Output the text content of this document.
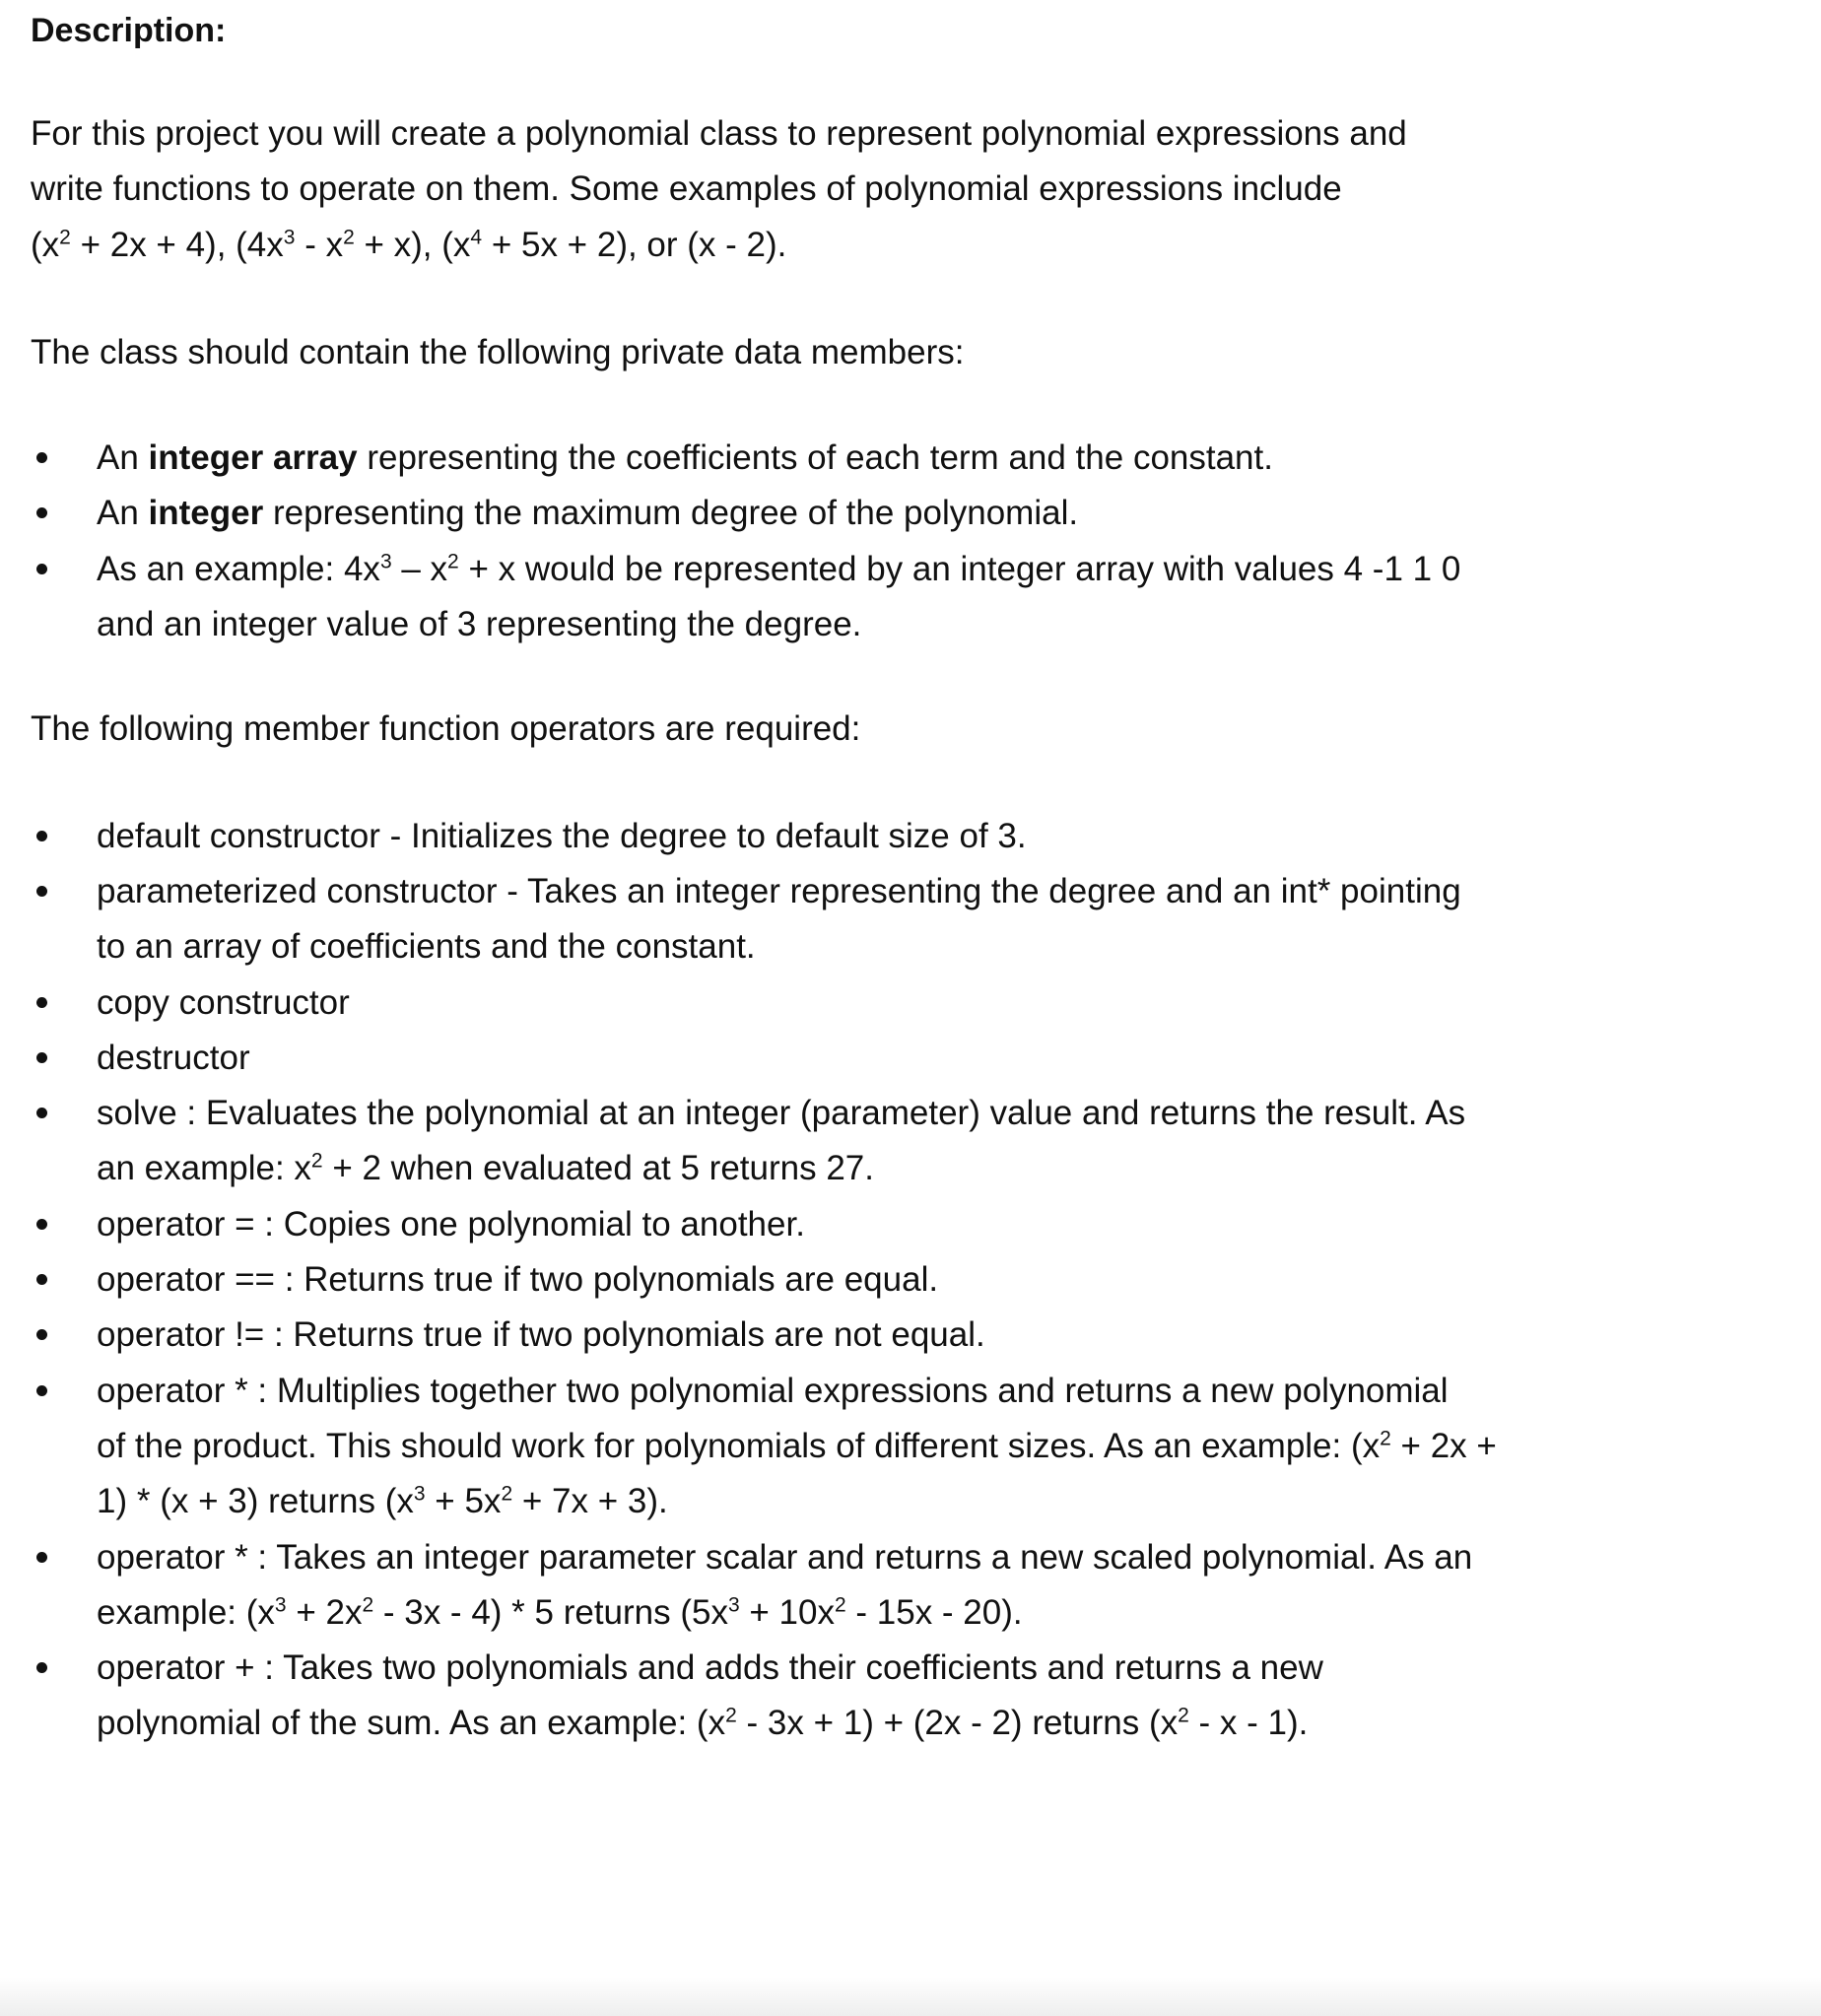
Description:
For this project you will create a polynomial class to represent polynomial expressions and
write functions to operate on them. Some examples of polynomial expressions include
$(x^2 + 2x + 4)$, $(4x^3 - x^2 + x)$, $(x^4 + 5x + 2)$, or (x - 2).
The class should contain the following private data members:
An integer array representing the coefficients of each term and the constant.
An integer representing the maximum degree of the polynomial.
As an example: $4x^3 - x^2 + x$ would be represented by an integer array with values 4 -1 1 0
and an integer value of 3 representing the degree.
The following member function operators are required:
default constructor - Initializes the degree to default size of 3.
parameterized constructor - Takes an integer representing the degree and an int* pointing
to an array of coefficients and the constant.
copy constructor
destructor
solve : Evaluates the polynomial at an integer (parameter) value and returns the result. As
an example: $x^2 + 2$ when evaluated at 5 returns 27.
operator = : Copies one polynomial to another.
operator == : Returns true if two polynomials are equal.
operator != : Returns true if two polynomials are not equal.
operator * : Multiplies together two polynomial expressions and returns a new polynomial
of the product. This should work for polynomials of different sizes. As an example: ($x^2 + 2x$ +
1) * (x + 3) returns $(x^3 + 5x^2 + 7x + 3)$.
operator * : Takes an integer parameter scalar and returns a new scaled polynomial. As an
example: $(x^3 + 2x^2 - 3x - 4) * 5$ returns $(5x^3 + 10x^2 - 15x - 20)$.
operator + : Takes two polynomials and adds their coefficients and returns a new
polynomial of the sum. As an example: $(x^2 - 3x + 1) + (2x - 2)$ returns ($x^2$ - x - 1).
